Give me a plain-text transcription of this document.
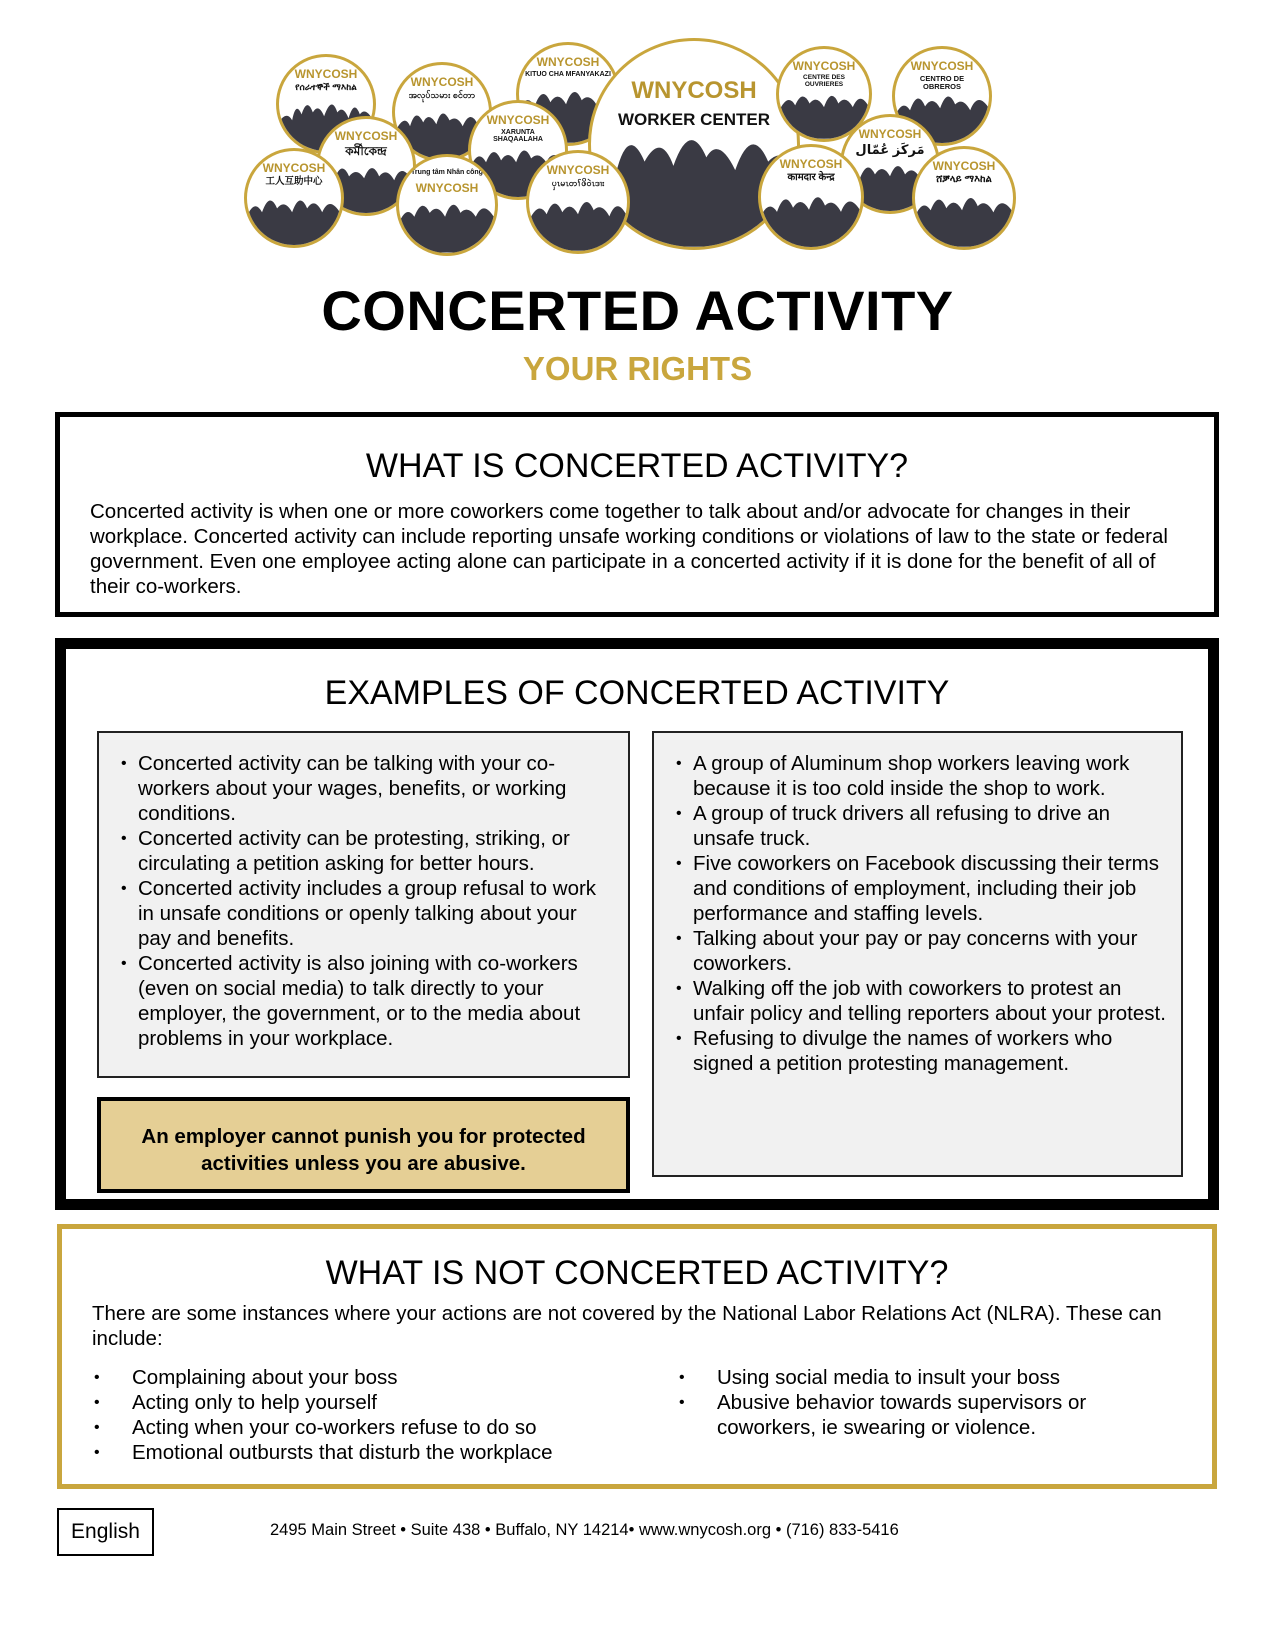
WNYCOSH
የሰራተኞች ማእከል	WNYCOSH
အလုပ်သမား စင်တာ
WNYCOSH
KITUO CHA MFANYAKAZI
WNYCOSH
WORKER CENTER
WNYCOSH
CENTRE DES OUVRIERES
WNYCOSH
CENTRO DE OBREROS
WNYCOSH
কর্মীকেন্দ্র
WNYCOSH
XARUNTA SHAQAALAHA	WNYCOSH
مَركَز عُمّال
WNYCOSH
工人互助中心
Trung tâm Nhân công
WNYCOSH
WNYCOSH
ပှၤမၤတၢ်ဖိဝဲၤဒၢး
WNYCOSH
कामदार केन्द्र
WNYCOSH
ሸቓላይ ማእከል
CONCERTED ACTIVITY
YOUR RIGHTS
WHAT IS CONCERTED ACTIVITY?

Concerted activity is when one or more coworkers come together to talk about and/or advocate for changes in their workplace. Concerted activity can include reporting unsafe working conditions or violations of law to the state or federal government. Even one employee acting alone can participate in a concerted activity if it is done for the benefit of all of their co-workers.

EXAMPLES OF CONCERTED ACTIVITY
• Concerted activity can be talking with your co-workers about your wages, benefits, or working conditions.
• Concerted activity can be protesting, striking, or circulating a petition asking for better hours.
• Concerted activity includes a group refusal to work in unsafe conditions or openly talking about your pay and benefits.
• Concerted activity is also joining with co-workers (even on social media) to talk directly to your employer, the government, or to the media about problems in your workplace.

An employer cannot punish you for protected activities unless you are abusive.

• A group of Aluminum shop workers leaving work because it is too cold inside the shop to work.
• A group of truck drivers all refusing to drive an unsafe truck.
• Five coworkers on Facebook discussing their terms and conditions of employment, including their job performance and staffing levels.
• Talking about your pay or pay concerns with your coworkers.
• Walking off the job with coworkers to protest an unfair policy and telling reporters about your protest.
• Refusing to divulge the names of workers who signed a petition protesting management.
WHAT IS NOT CONCERTED ACTIVITY?

There are some instances where your actions are not covered by the National Labor Relations Act (NLRA). These can include:

• Complaining about your boss
• Acting only to help yourself
• Acting when your co-workers refuse to do so
• Emotional outbursts that disturb the workplace
• Using social media to insult your boss
• Abusive behavior towards supervisors or coworkers, ie swearing or violence.
English	2495 Main Street • Suite 438 • Buffalo, NY 14214• www.wnycosh.org • (716) 833-5416
